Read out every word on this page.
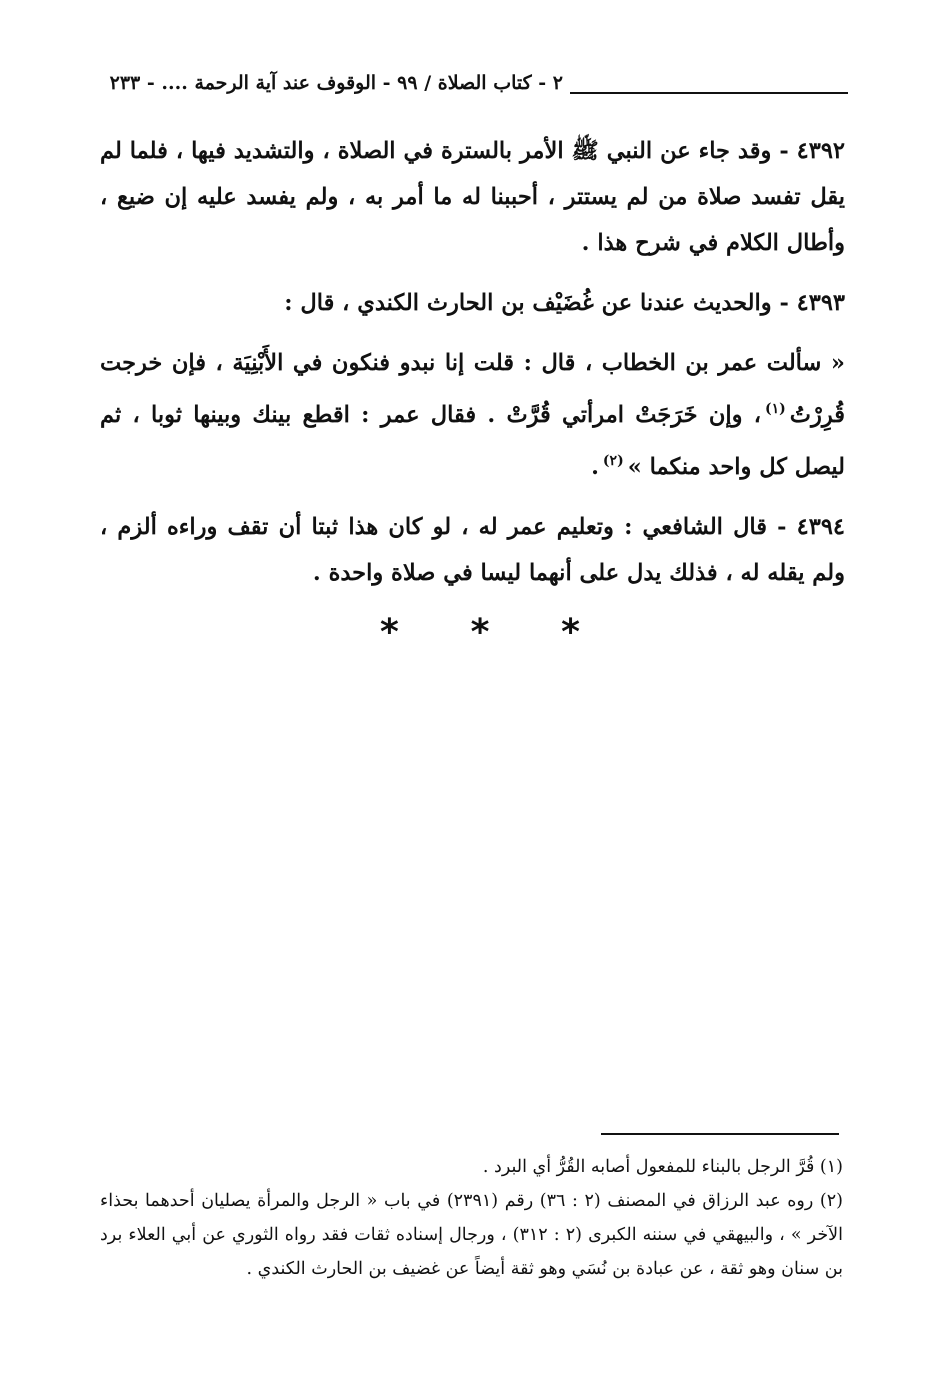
٢ - كتاب الصلاة / ٩٩ - الوقوف عند آية الرحمة .... - ٢٣٣

٤٣٩٢ - وقد جاء عن النبي ﷺ الأمر بالسترة في الصلاة ، والتشديد فيها ، فلما لم يقل تفسد صلاة من لم يستتر ، أحببنا له ما أمر به ، ولم يفسد عليه إن ضيع ، وأطال الكلام في شرح هذا .

٤٣٩٣ - والحديث عندنا عن غُضَيْف بن الحارث الكندي ، قال :

« سألت عمر بن الخطاب ، قال : قلت إنا نبدو فنكون في الأَبْنِيَة ، فإن خرجت قُرِرْتُ$^{(١)}$، وإن خَرَجَتْ امرأتي قُرَّتْ . فقال عمر : اقطع بينك وبينها ثوبا ، ثم ليصل كل واحد منكما »$^{(٢)}$.

٤٣٩٤ - قال الشافعي : وتعليم عمر له ، لو كان هذا ثبتا أن تقف وراءه ألزم ، ولم يقله له ، فذلك يدل على أنهما ليسا في صلاة واحدة .

* * *

(١) قُرَّ الرجل بالبناء للمفعول أصابه القُرُّ أي البرد .

(٢) روه عبد الرزاق في المصنف (٢ : ٣٦) رقم (٢٣٩١) في باب « الرجل والمرأة يصليان أحدهما بحذاء الآخر » ، والبيهقي في سننه الكبرى (٢ : ٣١٢) ، ورجال إسناده ثقات فقد رواه الثوري عن أبي العلاء برد بن سنان وهو ثقة ، عن عبادة بن نُسَي وهو ثقة أيضاً عن غضيف بن الحارث الكندي .
